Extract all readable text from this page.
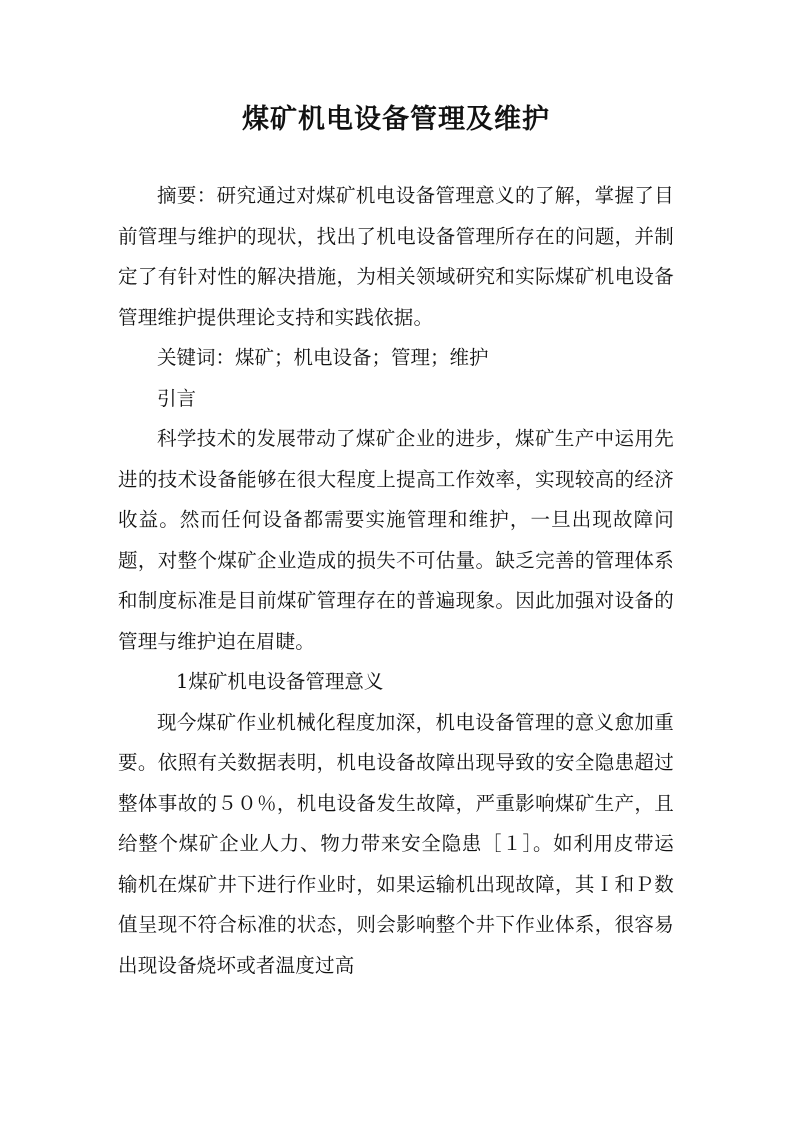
煤矿机电设备管理及维护

摘要：研究通过对煤矿机电设备管理意义的了解，掌握了目前管理与维护的现状，找出了机电设备管理所存在的问题，并制定了有针对性的解决措施，为相关领域研究和实际煤矿机电设备管理维护提供理论支持和实践依据。

关键词：煤矿；机电设备；管理；维护

引言

科学技术的发展带动了煤矿企业的进步，煤矿生产中运用先进的技术设备能够在很大程度上提高工作效率，实现较高的经济收益。然而任何设备都需要实施管理和维护，一旦出现故障问题，对整个煤矿企业造成的损失不可估量。缺乏完善的管理体系和制度标准是目前煤矿管理存在的普遍现象。因此加强对设备的管理与维护迫在眉睫。

1煤矿机电设备管理意义

现今煤矿作业机械化程度加深，机电设备管理的意义愈加重要。依照有关数据表明，机电设备故障出现导致的安全隐患超过整体事故的５０％，机电设备发生故障，严重影响煤矿生产，且给整个煤矿企业人力、物力带来安全隐患［１］。如利用皮带运输机在煤矿井下进行作业时，如果运输机出现故障，其Ｉ和Ｐ数值呈现不符合标准的状态，则会影响整个井下作业体系，很容易出现设备烧坏或者温度过高
